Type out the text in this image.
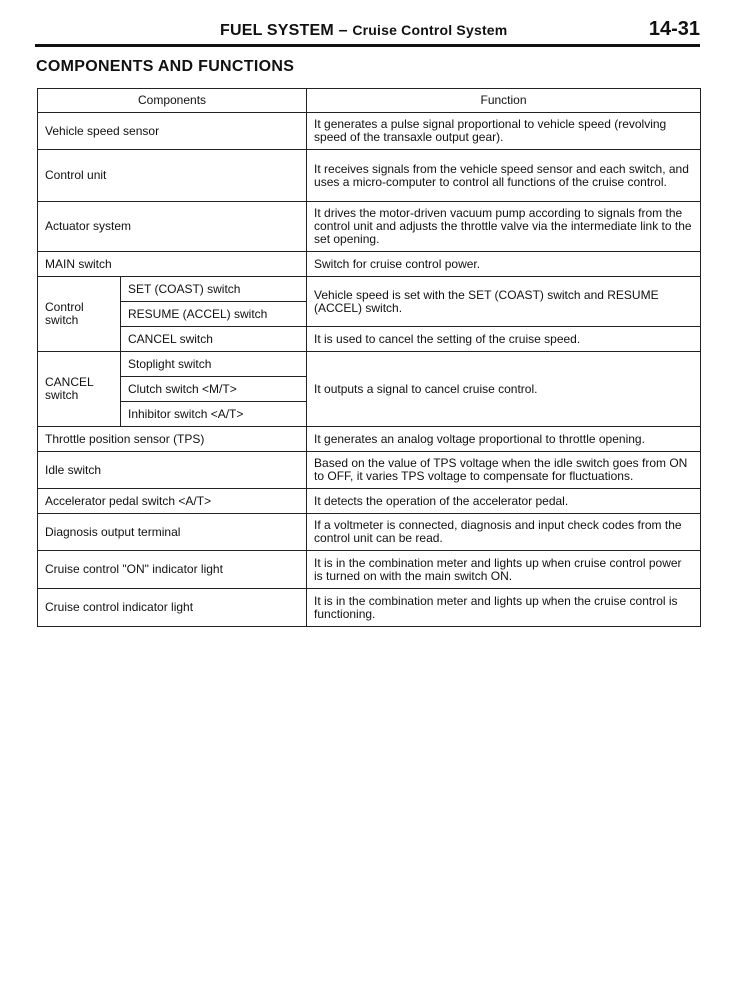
FUEL SYSTEM – Cruise Control System	14-31
COMPONENTS AND FUNCTIONS
Components		Function
Vehicle speed sensor		It generates a pulse signal proportional to vehicle speed (revolving speed of the transaxle output gear).
Control unit		It receives signals from the vehicle speed sensor and each switch, and uses a micro-computer to control all functions of the cruise control.
Actuator system		It drives the motor-driven vacuum pump according to signals from the control unit and adjusts the throttle valve via the intermediate link to the set opening.
MAIN switch		Switch for cruise control power.
Control switch	SET (COAST) switch	Vehicle speed is set with the SET (COAST) switch and RESUME (ACCEL) switch.
	RESUME (ACCEL) switch	
	CANCEL switch	It is used to cancel the setting of the cruise speed.
CANCEL switch	Stoplight switch	It outputs a signal to cancel cruise control.
	Clutch switch <M/T>	
	Inhibitor switch <A/T>	
Throttle position sensor (TPS)		It generates an analog voltage proportional to throttle opening.
Idle switch		Based on the value of TPS voltage when the idle switch goes from ON to OFF, it varies TPS voltage to compensate for fluctuations.
Accelerator pedal switch <A/T>		It detects the operation of the accelerator pedal.
Diagnosis output terminal		If a voltmeter is connected, diagnosis and input check codes from the control unit can be read.
Cruise control "ON" indicator light		It is in the combination meter and lights up when cruise control power is turned on with the main switch ON.
Cruise control indicator light		It is in the combination meter and lights up when the cruise control is functioning.
